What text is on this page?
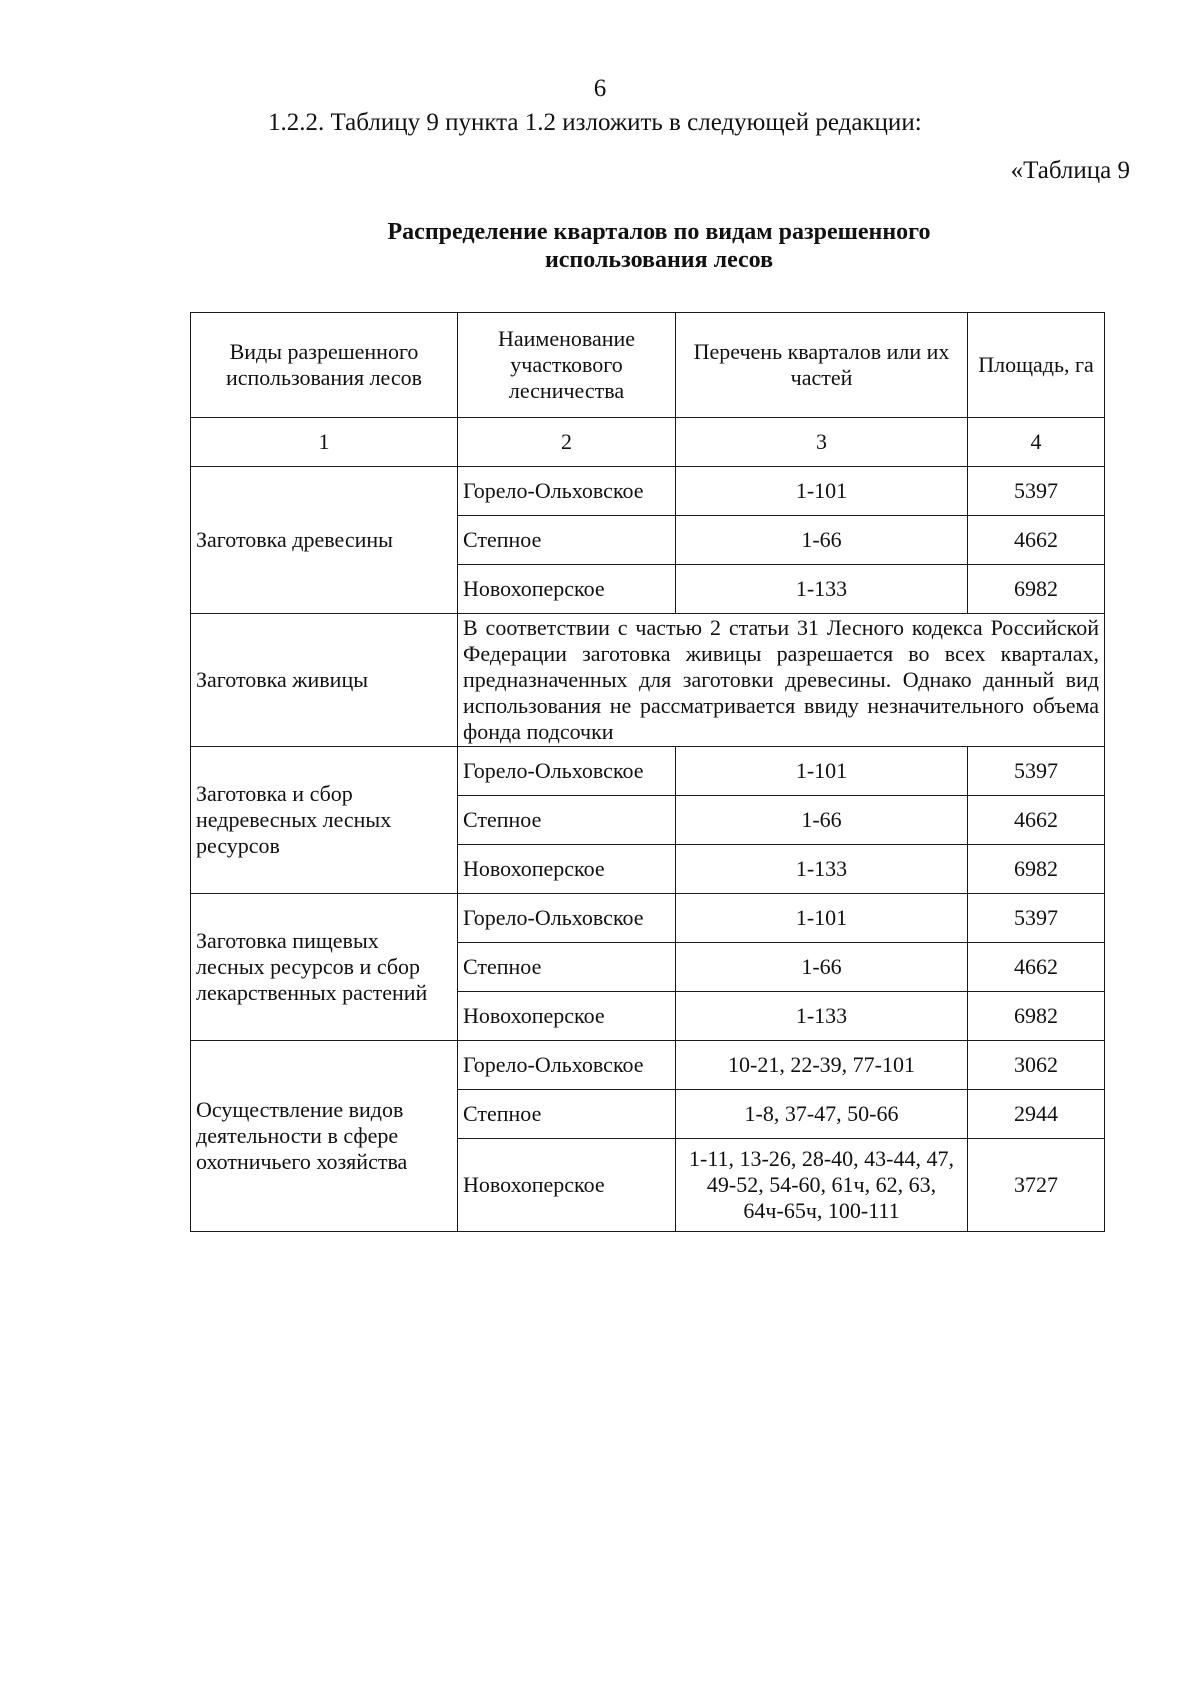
6
1.2.2. Таблицу 9 пункта 1.2 изложить в следующей редакции:
«Таблица 9
Распределение кварталов по видам разрешенного
использования лесов
Виды разрешенного использования лесов	Наименование участкового лесничества	Перечень кварталов или их частей	Площадь, га
1	2	3	4
Заготовка древесины	Горело-Ольховское	1-101	5397
	Степное	1-66	4662
	Новохоперское	1-133	6982
Заготовка живицы	В соответствии с частью 2 статьи 31 Лесного кодекса Российской Федерации заготовка живицы разрешается во всех кварталах, предназначенных для заготовки древесины. Однако данный вид использования не рассматривается ввиду незначительного объема фонда подсочки		
Заготовка и сбор недревесных лесных ресурсов	Горело-Ольховское	1-101	5397
	Степное	1-66	4662
	Новохоперское	1-133	6982
Заготовка пищевых лесных ресурсов и сбор лекарственных растений	Горело-Ольховское	1-101	5397
	Степное	1-66	4662
	Новохоперское	1-133	6982
Осуществление видов деятельности в сфере охотничьего хозяйства	Горело-Ольховское	10-21, 22-39, 77-101	3062
	Степное	1-8, 37-47, 50-66	2944
	Новохоперское	1-11, 13-26, 28-40, 43-44, 47, 49-52, 54-60, 61ч, 62, 63, 64ч-65ч, 100-111	3727
